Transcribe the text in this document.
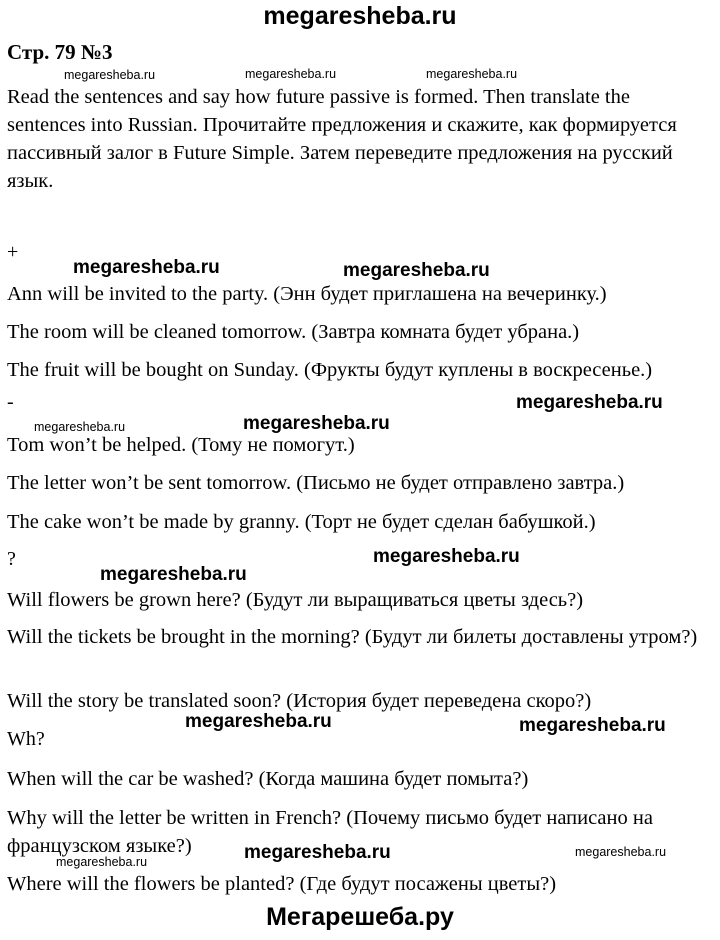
megaresheba.ru
Стр. 79 №3
megaresheba.ru	megaresheba.ru	megaresheba.ru
Read the sentences and say how future passive is formed. Then translate the sentences into Russian. Прочитайте предложения и скажите, как формируется пассивный залог в Future Simple. Затем переведите предложения на русский язык.
+
megaresheba.ru	megaresheba.ru
Ann will be invited to the party. (Энн будет приглашена на вечеринку.)
The room will be cleaned tomorrow. (Завтра комната будет убрана.)
The fruit will be bought on Sunday. (Фрукты будут куплены в воскресенье.)
-	megaresheba.ru
megaresheba.ru
megaresheba.ru
Tom won’t be helped. (Тому не помогут.)
The letter won’t be sent tomorrow. (Письмо не будет отправлено завтра.)
The cake won’t be made by granny. (Торт не будет сделан бабушкой.)
?	megaresheba.ru
megaresheba.ru
Will flowers be grown here? (Будут ли выращиваться цветы здесь?)
Will the tickets be brought in the morning? (Будут ли билеты доставлены утром?)
Will the story be translated soon? (История будет переведена скоро?)
megaresheba.ru	megaresheba.ru
Wh?
When will the car be washed? (Когда машина будет помыта?)
Why will the letter be written in French? (Почему письмо будет написано на французском языке?)	megaresheba.ru	megaresheba.ru
megaresheba.ru
Where will the flowers be planted? (Где будут посажены цветы?)
Мегарешеба.ру
